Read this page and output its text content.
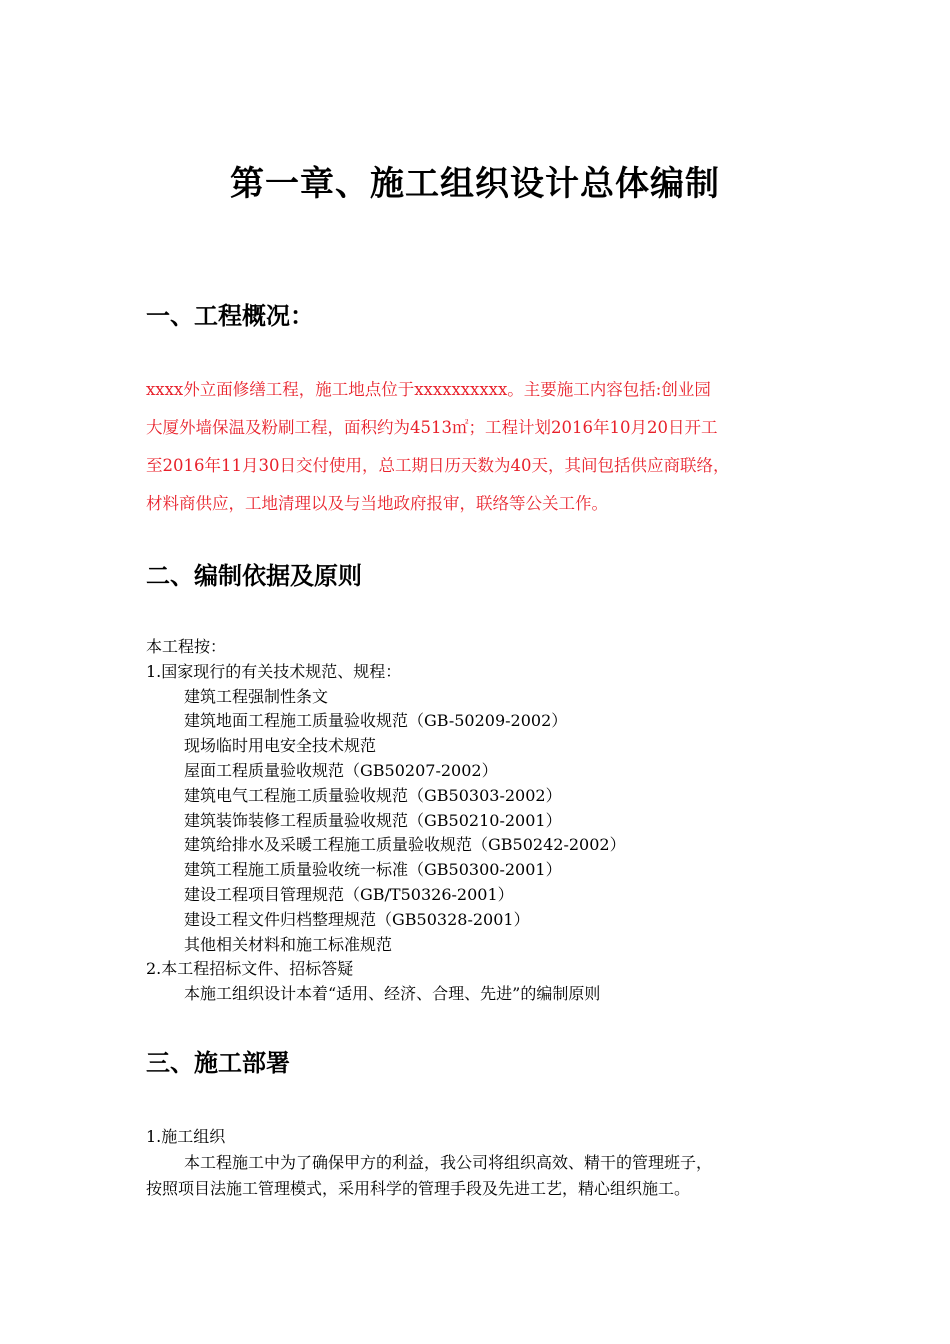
第一章、施工组织设计总体编制
一、工程概况：

xxxx外立面修缮工程，施工地点位于xxxxxxxxxx。主要施工内容包括:创业园

大厦外墙保温及粉刷工程，面积约为4513㎡；工程计划2016年10月20日开工

至2016年11月30日交付使用，总工期日历天数为40天，其间包括供应商联络，

材料商供应，工地清理以及与当地政府报审，联络等公关工作。

二、编制依据及原则
本工程按：
1.国家现行的有关技术规范、规程：
建筑工程强制性条文
建筑地面工程施工质量验收规范（GB-50209-2002）
现场临时用电安全技术规范
屋面工程质量验收规范（GB50207-2002）
建筑电气工程施工质量验收规范（GB50303-2002）
建筑装饰装修工程质量验收规范（GB50210-2001）
建筑给排水及采暖工程施工质量验收规范（GB50242-2002）
建筑工程施工质量验收统一标准（GB50300-2001）
建设工程项目管理规范（GB/T50326-2001）
建设工程文件归档整理规范（GB50328-2001）
其他相关材料和施工标准规范
2.本工程招标文件、招标答疑
本施工组织设计本着“适用、经济、合理、先进”的编制原则
三、施工部署
1.施工组织
本工程施工中为了确保甲方的利益，我公司将组织高效、精干的管理班子，
按照项目法施工管理模式，采用科学的管理手段及先进工艺，精心组织施工。
